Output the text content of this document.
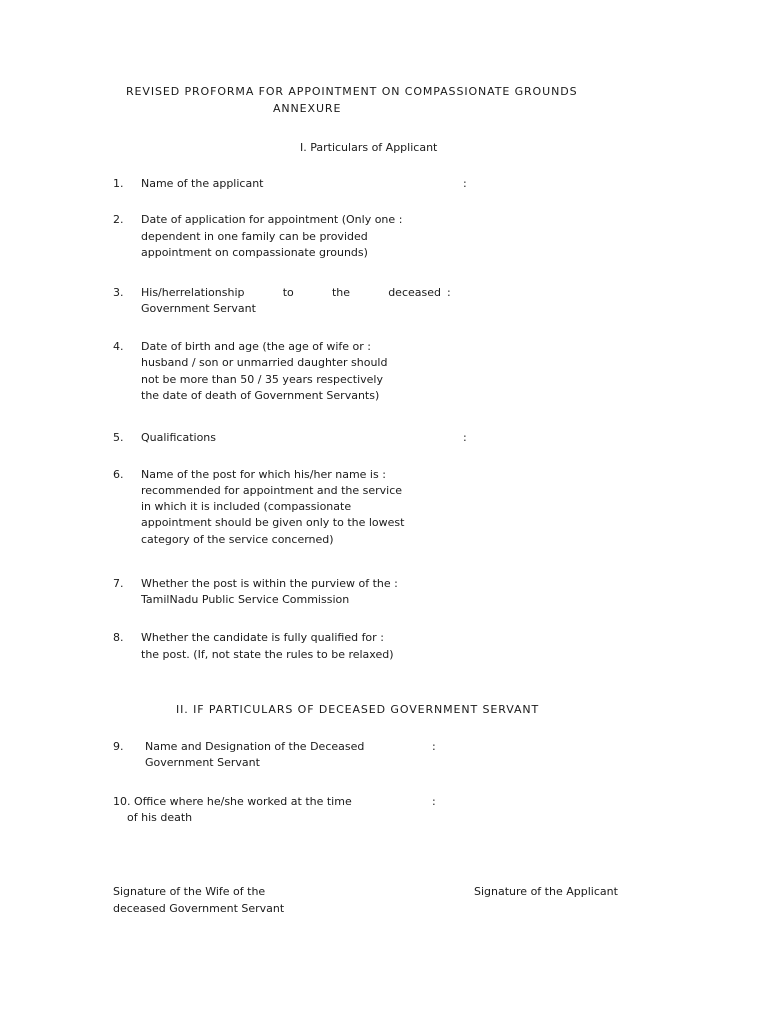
REVISED PROFORMA FOR APPOINTMENT ON COMPASSIONATE GROUNDS
ANNEXURE
I. Particulars of Applicant
1. Name of the applicant	:
2. Date of application for appointment (Only one :
dependent in one family can be provided
appointment on compassionate grounds)
3. His/herrelationship to the deceased :
Government Servant
4. Date of birth and age (the age of wife or :
husband / son or unmarried daughter should
not be more than 50 / 35 years respectively
the date of death of Government Servants)
5. Qualifications	:
6. Name of the post for which his/her name is :
recommended for appointment and the service
in which it is included (compassionate
appointment should be given only to the lowest
category of the service concerned)
7. Whether the post is within the purview of the :
TamilNadu Public Service Commission
8. Whether the candidate is fully qualified for :
the post. (If, not state the rules to be relaxed)
II. IF PARTICULARS OF DECEASED GOVERNMENT SERVANT
9. Name and Designation of the Deceased	:
Government Servant
10. Office where he/she worked at the time	:
of his death
Signature of the Wife of the
deceased Government Servant
Signature of the Applicant
